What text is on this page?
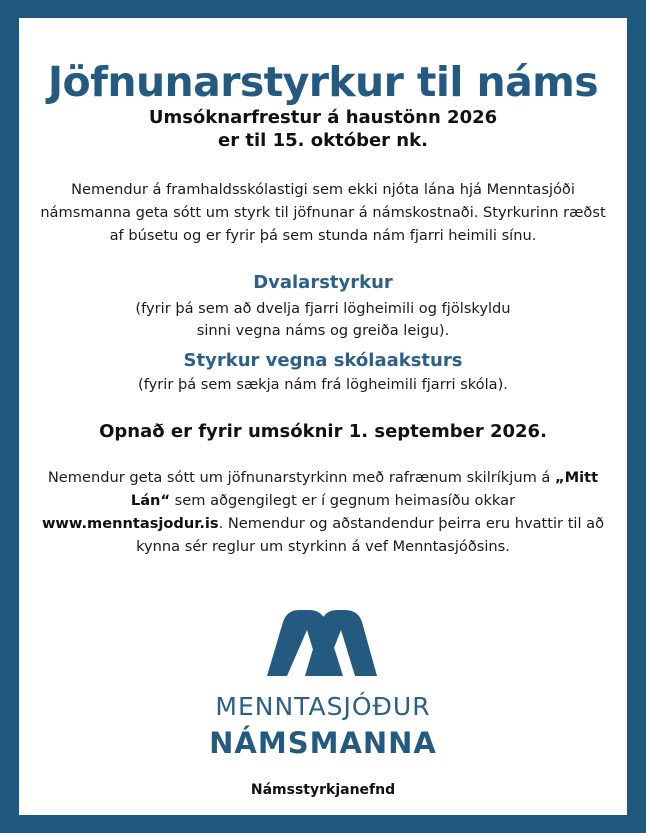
Jöfnunarstyrkur til náms
Umsóknarfrestur á haustönn 2026
er til 15. október nk.
Nemendur á framhaldsskólastigi sem ekki njóta lána hjá Menntasjóði námsmanna geta sótt um styrk til jöfnunar á námskostnaði. Styrkurinn ræðst af búsetu og er fyrir þá sem stunda nám fjarri heimili sínu.
Dvalarstyrkur
(fyrir þá sem að dvelja fjarri lögheimili og fjölskyldu
sinni vegna náms og greiða leigu).
Styrkur vegna skólaaksturs
(fyrir þá sem sækja nám frá lögheimili fjarri skóla).
Opnað er fyrir umsóknir 1. september 2026.
Nemendur geta sótt um jöfnunarstyrkinn með rafrænum skilríkjum á „Mitt Lán“ sem aðgengilegt er í gegnum heimasíðu okkar www.menntasjodur.is. Nemendur og aðstandendur þeirra eru hvattir til að kynna sér reglur um styrkinn á vef Menntasjóðsins.
MENNTASJÓÐUR
NÁMSMANNA
Námsstyrkjanefnd
